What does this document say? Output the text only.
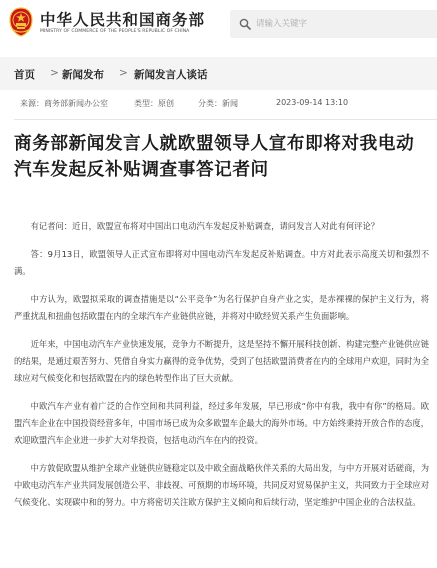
中华人民共和国商务部
MINISTRY OF COMMERCE OF THE PEOPLE'S REPUBLIC OF CHINA
请输入关键字
首页 > 新闻发布 > 新闻发言人谈话
来源：商务部新闻办公室	类型：原创	分类：新闻	2023-09-14 13:10
商务部新闻发言人就欧盟领导人宣布即将对我电动汽车发起反补贴调查事答记者问

有记者问：近日，欧盟宣布将对中国出口电动汽车发起反补贴调查，请问发言人对此有何评论？

答：9月13日，欧盟领导人正式宣布即将对中国电动汽车发起反补贴调查。中方对此表示高度关切和强烈不满。

中方认为，欧盟拟采取的调查措施是以“公平竞争”为名行保护自身产业之实，是赤裸裸的保护主义行为，将严重扰乱和扭曲包括欧盟在内的全球汽车产业链供应链，并将对中欧经贸关系产生负面影响。

近年来，中国电动汽车产业快速发展，竞争力不断提升，这是坚持不懈开展科技创新、构建完整产业链供应链的结果，是通过艰苦努力、凭借自身实力赢得的竞争优势，受到了包括欧盟消费者在内的全球用户欢迎，同时为全球应对气候变化和包括欧盟在内的绿色转型作出了巨大贡献。

中欧汽车产业有着广泛的合作空间和共同利益，经过多年发展，早已形成“你中有我，我中有你”的格局。欧盟汽车企业在中国投资经营多年，中国市场已成为众多欧盟车企最大的海外市场。中方始终秉持开放合作的态度，欢迎欧盟汽车企业进一步扩大对华投资，包括电动汽车在内的投资。

中方敦促欧盟从维护全球产业链供应链稳定以及中欧全面战略伙伴关系的大局出发，与中方开展对话磋商，为中欧电动汽车产业共同发展创造公平、非歧视、可预期的市场环境，共同反对贸易保护主义，共同致力于全球应对气候变化、实现碳中和的努力。中方将密切关注欧方保护主义倾向和后续行动，坚定维护中国企业的合法权益。
